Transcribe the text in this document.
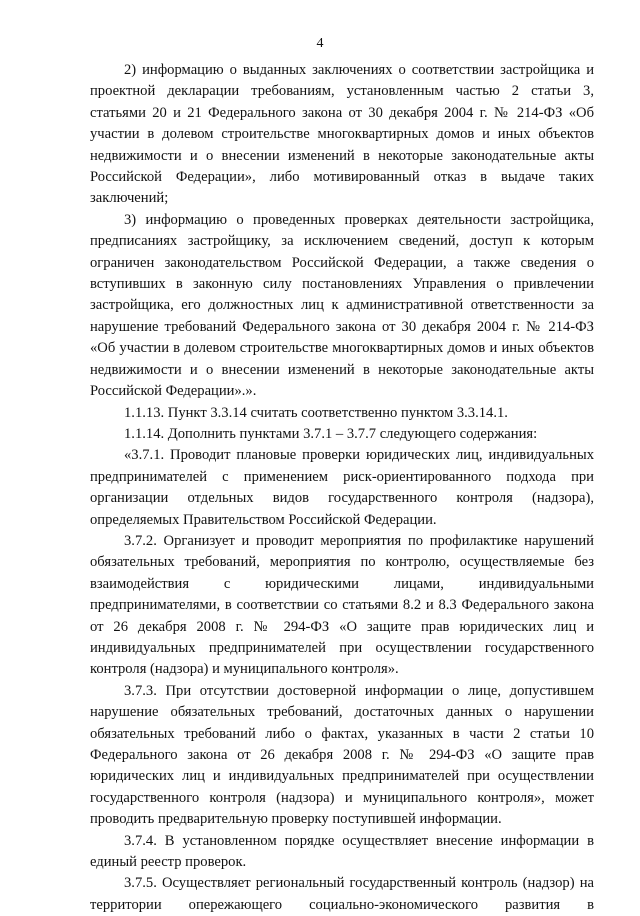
4

2) информацию о выданных заключениях о соответствии застройщика и проектной декларации требованиям, установленным частью 2 статьи 3, статьями 20 и 21 Федерального закона от 30 декабря 2004 г. № 214-ФЗ «Об участии в долевом строительстве многоквартирных домов и иных объектов недвижимости и о внесении изменений в некоторые законодательные акты Российской Федерации», либо мотивированный отказ в выдаче таких заключений;

3) информацию о проведенных проверках деятельности застройщика, предписаниях застройщику, за исключением сведений, доступ к которым ограничен законодательством Российской Федерации, а также сведения о вступивших в законную силу постановлениях Управления о привлечении застройщика, его должностных лиц к административной ответственности за нарушение требований Федерального закона от 30 декабря 2004 г. № 214-ФЗ «Об участии в долевом строительстве многоквартирных домов и иных объектов недвижимости и о внесении изменений в некоторые законодательные акты Российской Федерации».».

1.1.13. Пункт 3.3.14 считать соответственно пунктом 3.3.14.1.

1.1.14. Дополнить пунктами 3.7.1 – 3.7.7 следующего содержания:

«3.7.1. Проводит плановые проверки юридических лиц, индивидуальных предпринимателей с применением риск-ориентированного подхода при организации отдельных видов государственного контроля (надзора), определяемых Правительством Российской Федерации.

3.7.2. Организует и проводит мероприятия по профилактике нарушений обязательных требований, мероприятия по контролю, осуществляемые без взаимодействия с юридическими лицами, индивидуальными предпринимателями, в соответствии со статьями 8.2 и 8.3 Федерального закона от 26 декабря 2008 г. № 294-ФЗ «О защите прав юридических лиц и индивидуальных предпринимателей при осуществлении государственного контроля (надзора) и муниципального контроля».

3.7.3. При отсутствии достоверной информации о лице, допустившем нарушение обязательных требований, достаточных данных о нарушении обязательных требований либо о фактах, указанных в части 2 статьи 10 Федерального закона от 26 декабря 2008 г. № 294-ФЗ «О защите прав юридических лиц и индивидуальных предпринимателей при осуществлении государственного контроля (надзора) и муниципального контроля», может проводить предварительную проверку поступившей информации.

3.7.4. В установленном порядке осуществляет внесение информации в единый реестр проверок.

3.7.5. Осуществляет региональный государственный контроль (надзор) на территории опережающего социально-экономического развития в
